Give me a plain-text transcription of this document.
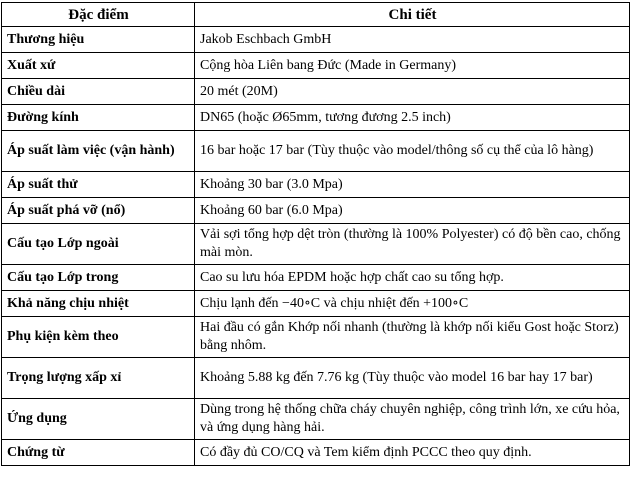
Đặc điểm	Chi tiết
Thương hiệu	Jakob Eschbach GmbH
Xuất xứ	Cộng hòa Liên bang Đức (Made in Germany)
Chiều dài	20 mét (20M)
Đường kính	DN65 (hoặc Ø65mm, tương đương 2.5 inch)
Áp suất làm việc (vận hành)	16 bar hoặc 17 bar (Tùy thuộc vào model/thông số cụ thể của lô hàng)
Áp suất thử	Khoảng 30 bar (3.0 Mpa)
Áp suất phá vỡ (nổ)	Khoảng 60 bar (6.0 Mpa)
Cấu tạo Lớp ngoài	Vải sợi tổng hợp dệt tròn (thường là 100% Polyester) có độ bền cao, chống mài mòn.
Cấu tạo Lớp trong	Cao su lưu hóa EPDM hoặc hợp chất cao su tổng hợp.
Khả năng chịu nhiệt	Chịu lạnh đến −40∘C và chịu nhiệt đến +100∘C
Phụ kiện kèm theo	Hai đầu có gắn Khớp nối nhanh (thường là khớp nối kiểu Gost hoặc Storz) bằng nhôm.
Trọng lượng xấp xỉ	Khoảng 5.88 kg đến 7.76 kg (Tùy thuộc vào model 16 bar hay 17 bar)
Ứng dụng	Dùng trong hệ thống chữa cháy chuyên nghiệp, công trình lớn, xe cứu hỏa, và ứng dụng hàng hải.
Chứng từ	Có đầy đủ CO/CQ và Tem kiểm định PCCC theo quy định.
